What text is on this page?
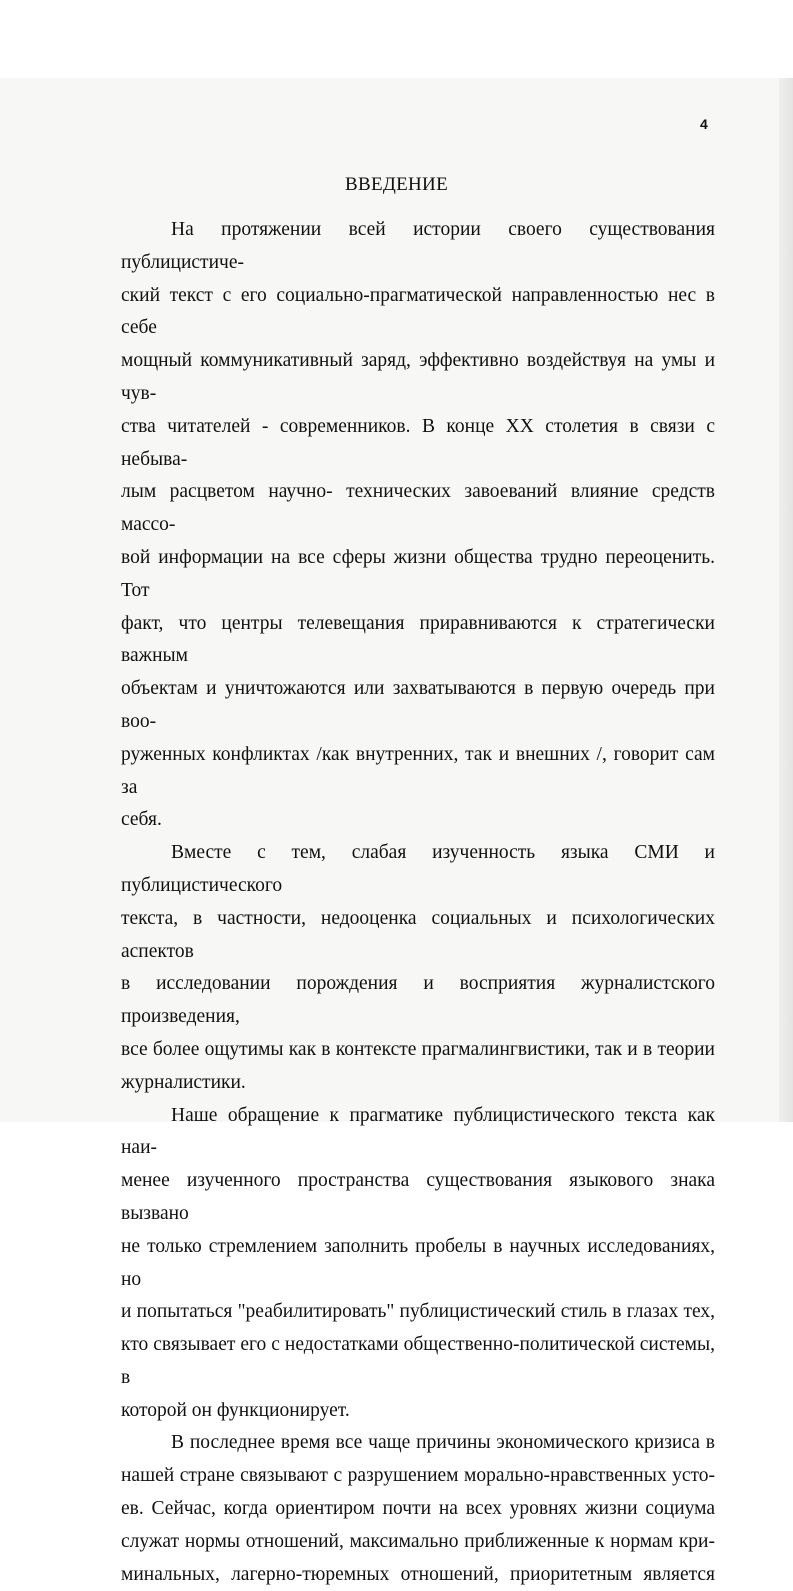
4
ВВЕДЕНИЕ

На протяжении всей истории своего существования публицистиче-
ский текст с его социально-прагматической направленностью нес в себе
мощный коммуникативный заряд, эффективно воздействуя на умы и чув-
ства читателей - современников. В конце XX столетия в связи с небыва-
лым расцветом научно- технических завоеваний влияние средств массо-
вой информации на все сферы жизни общества трудно переоценить. Тот
факт, что центры телевещания приравниваются к стратегически важным
объектам и уничтожаются или захватываются в первую очередь при воо-
руженных конфликтах /как внутренних, так и внешних /, говорит сам за
себя.

Вместе с тем, слабая изученность языка СМИ и публицистического
текста, в частности, недооценка социальных и психологических аспектов
в исследовании порождения и восприятия журналистского произведения,
все более ощутимы как в контексте прагмалингвистики, так и в теории
журналистики.

Наше обращение к прагматике публицистического текста как наи-
менее изученного пространства существования языкового знака вызвано
не только стремлением заполнить пробелы в научных исследованиях, но
и попытаться "реабилитировать" публицистический стиль в глазах тех,
кто связывает его с недостатками общественно-политической системы, в
которой он функционирует.

В последнее время все чаще причины экономического кризиса в
нашей стране связывают с разрушением морально-нравственных усто-
ев. Сейчас, когда ориентиром почти на всех уровнях жизни социума
служат нормы отношений, максимально приближенные к нормам кри-
минальных, лагерно-тюремных отношений, приоритетным является
